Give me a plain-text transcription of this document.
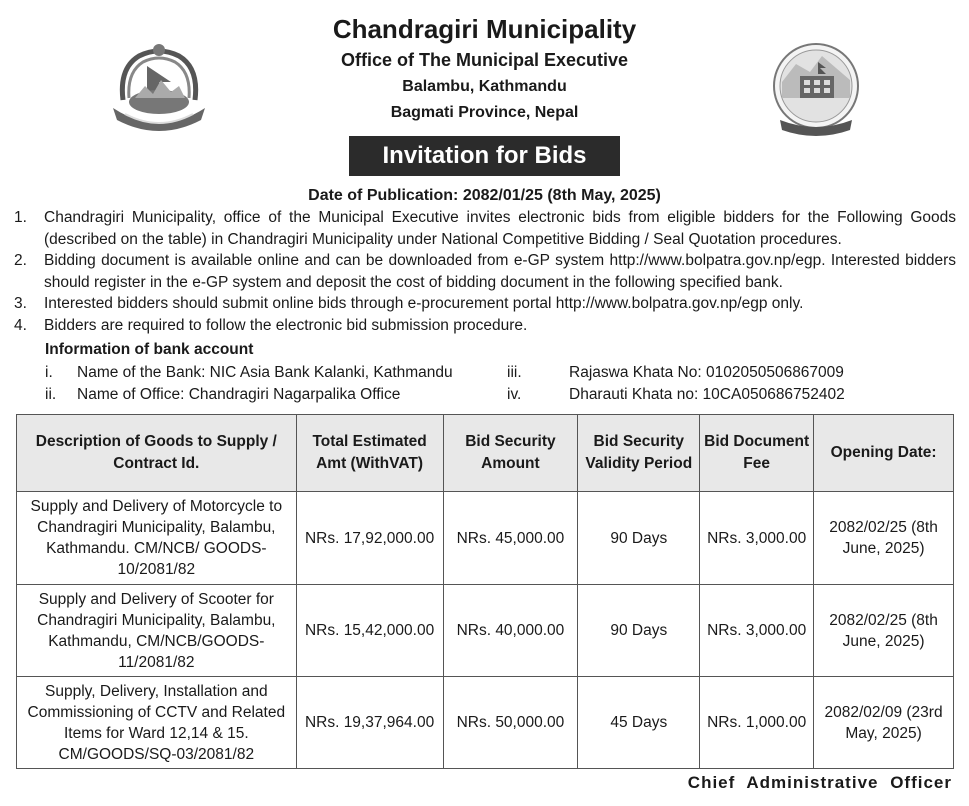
Chandragiri Municipality

Office of The Municipal Executive

Balambu, Kathmandu

Bagmati Province, Nepal

Invitation for Bids
Date of Publication: 2082/01/25 (8th May, 2025)
1.	Chandragiri Municipality, office of the Municipal Executive invites electronic bids from eligible bidders for the Following Goods (described on the table) in Chandragiri Municipality under National Competitive Bidding / Seal Quotation procedures.
2.	Bidding document is available online and can be downloaded from e-GP system http://www.bolpatra.gov.np/egp. Interested bidders should register in the e-GP system and deposit the cost of bidding document in the following specified bank.
3.	Interested bidders should submit online bids through e-procurement portal http://www.bolpatra.gov.np/egp only.
4.	Bidders are required to follow the electronic bid submission procedure.
Information of bank account
i. Name of the Bank: NIC Asia Bank Kalanki, Kathmandu
ii. Name of Office: Chandragiri Nagarpalika Office
iii.	Rajaswa Khata No: 0102050506867009
iv.	Dharauti Khata no: 10CA050686752402
Description of Goods to Supply / Contract Id.	Total Estimated Amt (WithVAT)	Bid Security Amount	Bid Security Validity Period	Bid Document Fee	Opening Date:
Supply and Delivery of Motorcycle to Chandragiri Municipality, Balambu, Kathmandu. CM/NCB/ GOODS-10/2081/82	NRs. 17,92,000.00	NRs. 45,000.00	90 Days	NRs. 3,000.00	2082/02/25 (8th June, 2025)
Supply and Delivery of Scooter for Chandragiri Municipality, Balambu, Kathmandu, CM/NCB/GOODS-11/2081/82	NRs. 15,42,000.00	NRs. 40,000.00	90 Days	NRs. 3,000.00	2082/02/25 (8th June, 2025)
Supply, Delivery, Installation and Commissioning of CCTV and Related Items for Ward 12,14 & 15. CM/GOODS/SQ-03/2081/82	NRs. 19,37,964.00	NRs. 50,000.00	45 Days	NRs. 1,000.00	2082/02/09 (23rd May, 2025)
Chief Administrative Officer
